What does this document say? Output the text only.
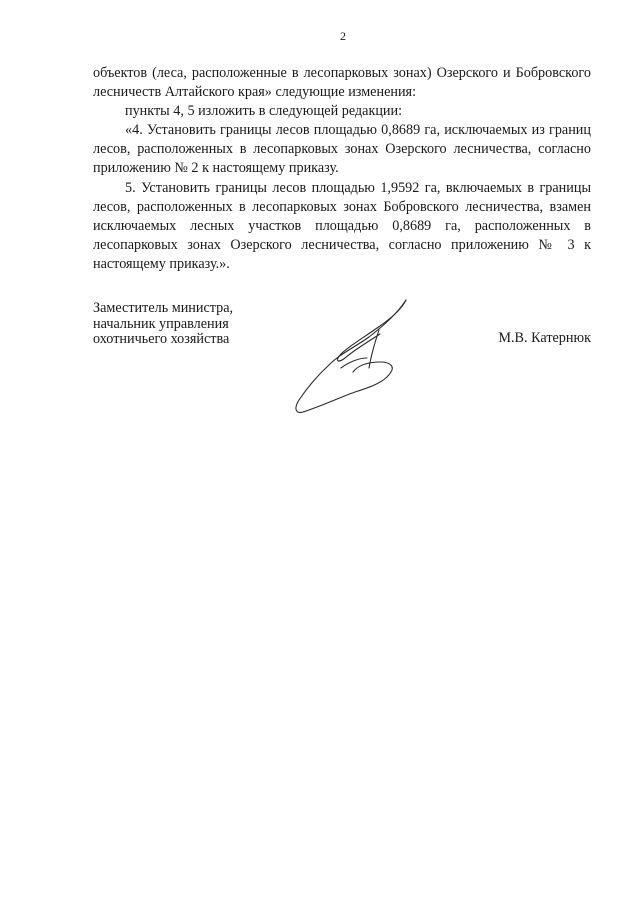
2

объектов (леса, расположенные в лесопарковых зонах) Озерского и Бобровского лесничеств Алтайского края» следующие изменения:

пункты 4, 5 изложить в следующей редакции:

«4. Установить границы лесов площадью 0,8689 га, исключаемых из границ лесов, расположенных в лесопарковых зонах Озерского лесничества, согласно приложению № 2 к настоящему приказу.

5. Установить границы лесов площадью 1,9592 га, включаемых в границы лесов, расположенных в лесопарковых зонах Бобровского лесничества, взамен исключаемых лесных участков площадью 0,8689 га, расположенных в лесопарковых зонах Озерского лесничества, согласно приложению № 3 к настоящему приказу.».

Заместитель министра,
начальник управления
охотничьего хозяйства	М.В. Катернюк
